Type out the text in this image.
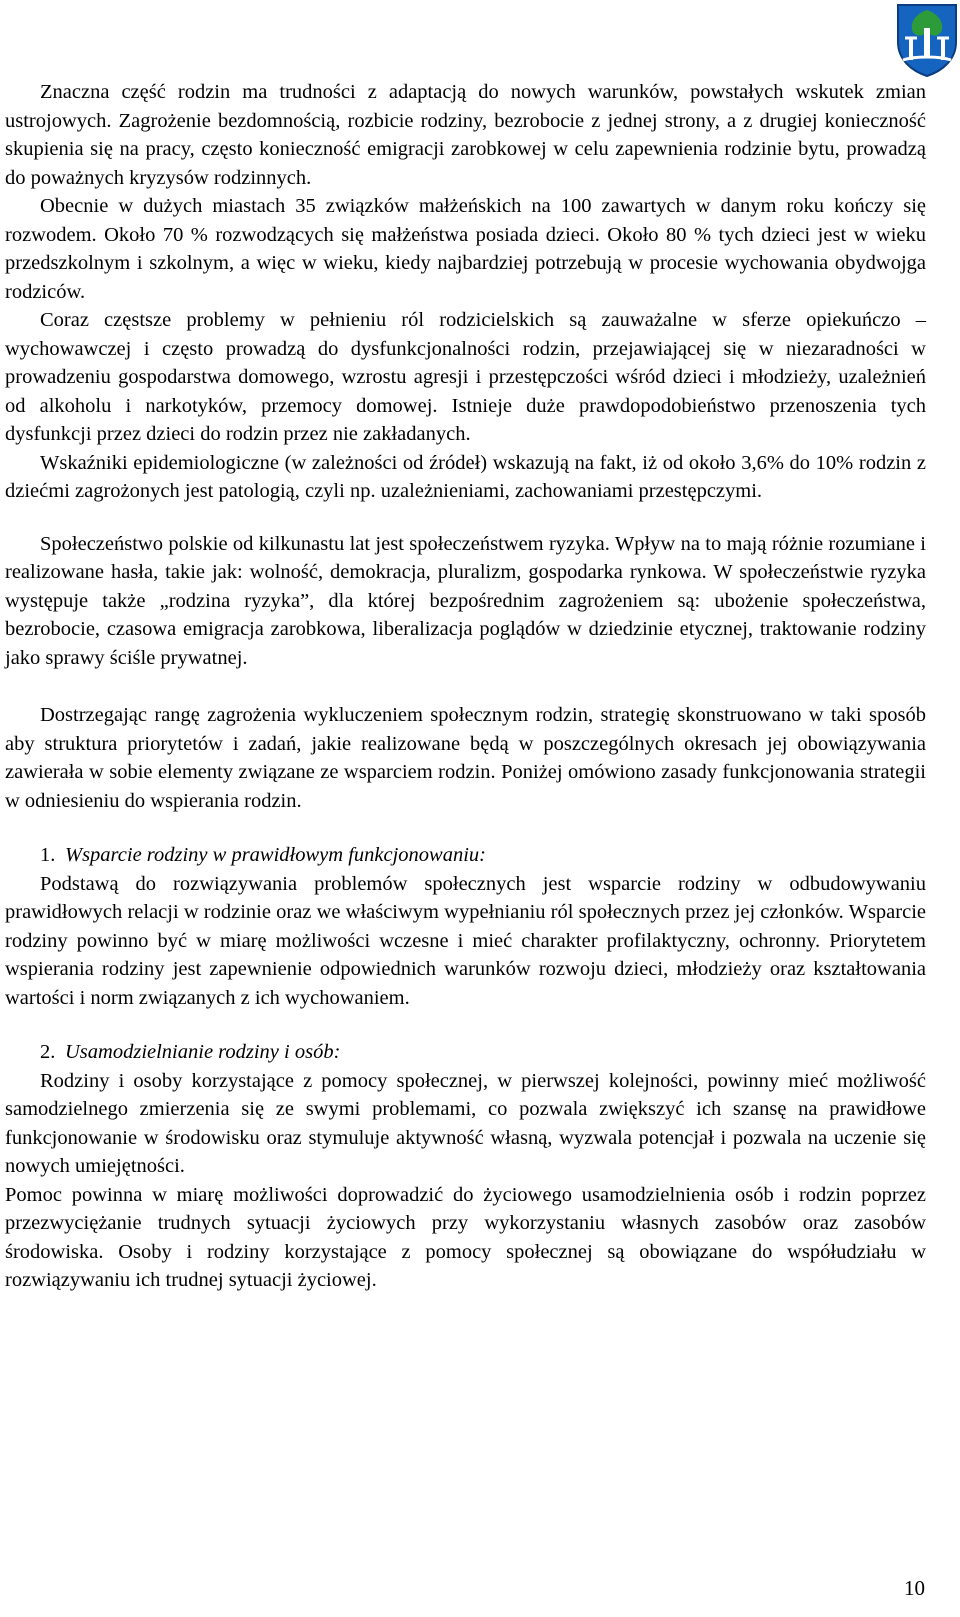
Znaczna część rodzin ma trudności z adaptacją do nowych warunków, powstałych wskutek zmian ustrojowych. Zagrożenie bezdomnością, rozbicie rodziny, bezrobocie z jednej strony, a z drugiej konieczność skupienia się na pracy, często konieczność emigracji zarobkowej w celu zapewnienia rodzinie bytu, prowadzą do poważnych kryzysów rodzinnych.

Obecnie w dużych miastach 35 związków małżeńskich na 100 zawartych w danym roku kończy się rozwodem. Około 70 % rozwodzących się małżeństwa posiada dzieci. Około 80 % tych dzieci jest w wieku przedszkolnym i szkolnym, a więc w wieku, kiedy najbardziej potrzebują w procesie wychowania obydwojga rodziców.

Coraz częstsze problemy w pełnieniu ról rodzicielskich są zauważalne w sferze opiekuńczo – wychowawczej i często prowadzą do dysfunkcjonalności rodzin, przejawiającej się w niezaradności w prowadzeniu gospodarstwa domowego, wzrostu agresji i przestępczości wśród dzieci i młodzieży, uzależnień od alkoholu i narkotyków, przemocy domowej. Istnieje duże prawdopodobieństwo przenoszenia tych dysfunkcji przez dzieci do rodzin przez nie zakładanych.

Wskaźniki epidemiologiczne (w zależności od źródeł) wskazują na fakt, iż od około 3,6% do 10% rodzin z dziećmi zagrożonych jest patologią, czyli np. uzależnieniami, zachowaniami przestępczymi.

Społeczeństwo polskie od kilkunastu lat jest społeczeństwem ryzyka. Wpływ na to mają różnie rozumiane i realizowane hasła, takie jak: wolność, demokracja, pluralizm, gospodarka rynkowa. W społeczeństwie ryzyka występuje także „rodzina ryzyka”, dla której bezpośrednim zagrożeniem są: ubożenie społeczeństwa, bezrobocie, czasowa emigracja zarobkowa, liberalizacja poglądów w dziedzinie etycznej, traktowanie rodziny jako sprawy ściśle prywatnej.

Dostrzegając rangę zagrożenia wykluczeniem społecznym rodzin, strategię skonstruowano w taki sposób aby struktura priorytetów i zadań, jakie realizowane będą w poszczególnych okresach jej obowiązywania zawierała w sobie elementy związane ze wsparciem rodzin. Poniżej omówiono zasady funkcjonowania strategii w odniesieniu do wspierania rodzin.

1. Wsparcie rodziny w prawidłowym funkcjonowaniu:

Podstawą do rozwiązywania problemów społecznych jest wsparcie rodziny w odbudowywaniu prawidłowych relacji w rodzinie oraz we właściwym wypełnianiu ról społecznych przez jej członków. Wsparcie rodziny powinno być w miarę możliwości wczesne i mieć charakter profilaktyczny, ochronny. Priorytetem wspierania rodziny jest zapewnienie odpowiednich warunków rozwoju dzieci, młodzieży oraz kształtowania wartości i norm związanych z ich wychowaniem.

2. Usamodzielnianie rodziny i osób:

Rodziny i osoby korzystające z pomocy społecznej, w pierwszej kolejności, powinny mieć możliwość samodzielnego zmierzenia się ze swymi problemami, co pozwala zwiększyć ich szansę na prawidłowe funkcjonowanie w środowisku oraz stymuluje aktywność własną, wyzwala potencjał i pozwala na uczenie się nowych umiejętności.

Pomoc powinna w miarę możliwości doprowadzić do życiowego usamodzielnienia osób i rodzin poprzez przezwyciężanie trudnych sytuacji życiowych przy wykorzystaniu własnych zasobów oraz zasobów środowiska. Osoby i rodziny korzystające z pomocy społecznej są obowiązane do współudziału w rozwiązywaniu ich trudnej sytuacji życiowej.

10
